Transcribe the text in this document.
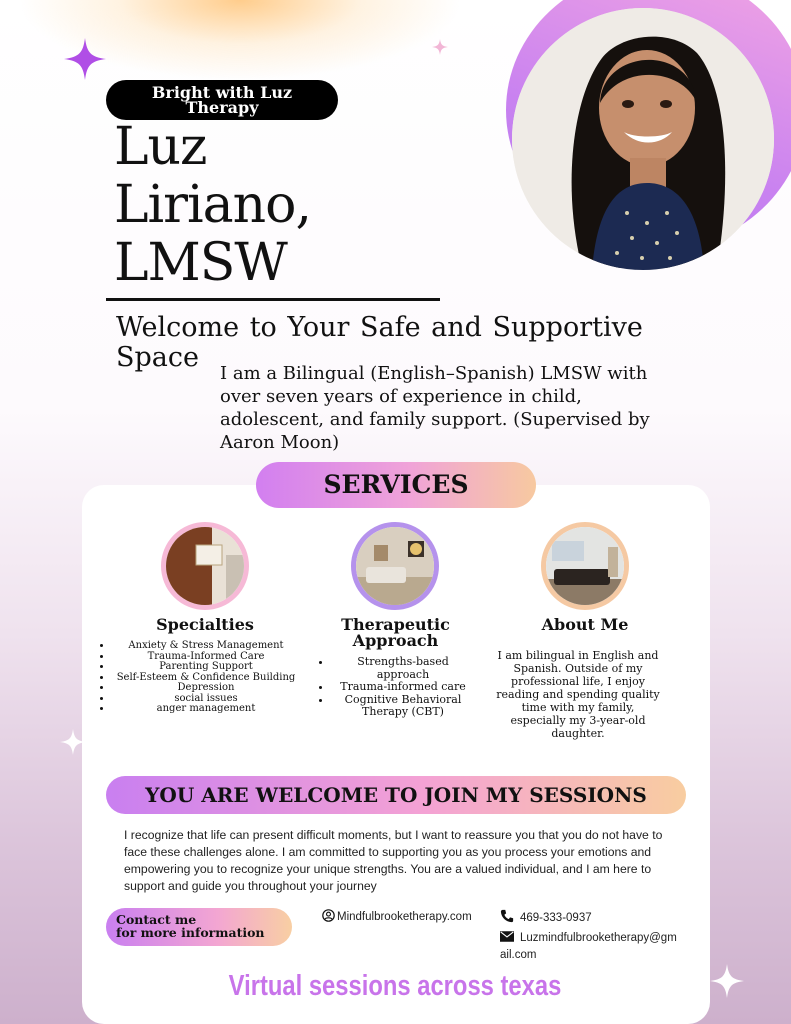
Bright with Luz Therapy
Luz
Liriano,
LMSW
Welcome to Your Safe and Supportive Space
I am a Bilingual (English–Spanish) LMSW with over seven years of experience in child, adolescent, and family support. (Supervised by Aaron Moon)
SERVICES
Specialties
• Anxiety & Stress Management
• Trauma-Informed Care
• Parenting Support
• Self-Esteem & Confidence Building
• Depression
• social issues
• anger management
Therapeutic
Approach
• Strengths-based approach
• Trauma-informed care
• Cognitive Behavioral Therapy (CBT)
About Me
I am bilingual in English and Spanish. Outside of my professional life, I enjoy reading and spending quality time with my family, especially my 3-year-old daughter.
YOU ARE WELCOME TO JOIN MY SESSIONS
I recognize that life can present difficult moments, but I want to reassure you that you do not have to face these challenges alone. I am committed to supporting you as you process your emotions and empowering you to recognize your unique strengths. You are a valued individual, and I am here to support and guide you throughout your journey
Contact me
for more information
Mindfulbrooketherapy.com	469-333-0937
Luzmindfulbrooketherapy@gmail.com
Virtual sessions across texas
